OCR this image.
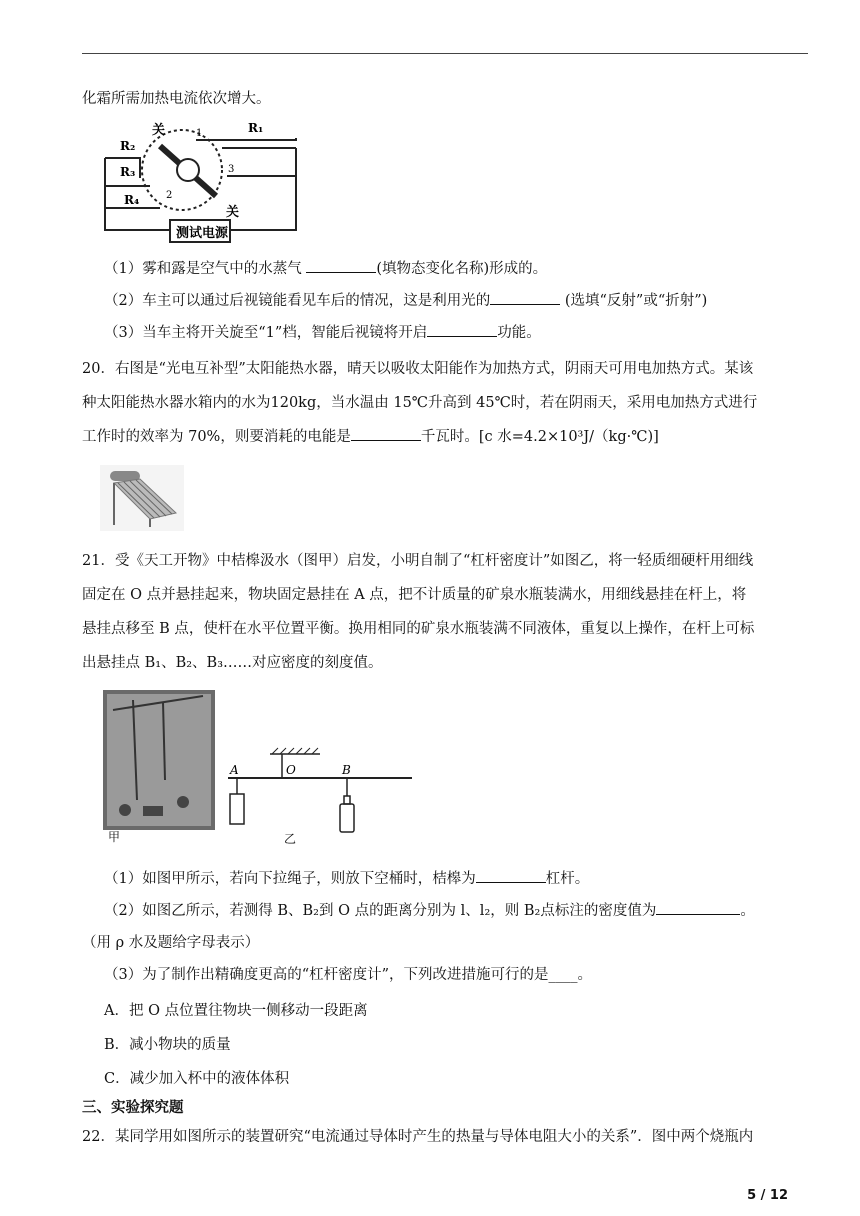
化霜所需加热电流依次增大。
关	1
2
3
关
R₁
R₂
R₃
R₄
测试电源
（1）雾和露是空气中的水蒸气	(填物态变化名称)形成的。
（2）车主可以通过后视镜能看见车后的情况，这是利用光的	(选填“反射”或“折射”)
（3）当车主将开关旋至“1”档，智能后视镜将开启	功能。
20．右图是“光电互补型”太阳能热水器，晴天以吸收太阳能作为加热方式，阴雨天可用电加热方式。某该
种太阳能热水器水箱内的水为120kg，当水温由 15℃升高到 45℃时，若在阴雨天，采用电加热方式进行
工作时的效率为 70%，则要消耗的电能是	千瓦时。[c 水=4.2×10³J/（kg·℃)]
21．受《天工开物》中桔槔汲水（图甲）启发，小明自制了“杠杆密度计”如图乙，将一轻质细硬杆用细线
固定在 O 点并悬挂起来，物块固定悬挂在 A 点，把不计质量的矿泉水瓶装满水，用细线悬挂在杆上，将
悬挂点移至 B 点，使杆在水平位置平衡。换用相同的矿泉水瓶装满不同液体，重复以上操作，在杆上可标
出悬挂点 B₁、B₂、B₃……对应密度的刻度值。
甲
A	O	B
乙
（1）如图甲所示，若向下拉绳子，则放下空桶时，桔槔为	杠杆。
（2）如图乙所示，若测得 B、B₂到 O 点的距离分别为 l、l₂，则 B₂点标注的密度值为	。
（用 ρ 水及题给字母表示）
（3）为了制作出精确度更高的“杠杆密度计”，下列改进措施可行的是____。
A．把 O 点位置往物块一侧移动一段距离
B．减小物块的质量
C．减少加入杯中的液体体积
三、实验探究题
22．某同学用如图所示的装置研究“电流通过导体时产生的热量与导体电阻大小的关系”．图中两个烧瓶内
5 / 12
